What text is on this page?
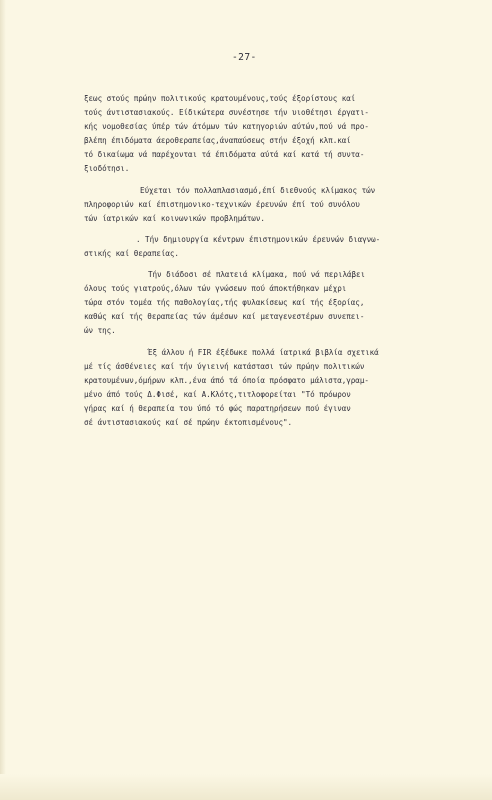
-27-
ξεως στούς πρώην πολιτικούς κρατουμένους,τούς έξορίστους καί
τούς άντιστασιακούς. Είδικώτερα συνέστησε τήν υιοθέτησι έργατι-
κής νομοθεσίας ύπέρ τών άτόμων τών κατηγοριών αύτών,πού νά προ-
βλέπη έπιδόματα άεροθεραπείας,άναπαύσεως στήν έξοχή κλπ.καί
τό δικαίωμα νά παρέχονται τά έπιδόματα αύτά καί κατά τή συντα-
ξιοδότησι.
Εύχεται τόν πολλαπλασιασμό,έπί διεθνούς κλίμακος τών
πληροφοριών καί έπιστημονικο-τεχνικών έρευνών έπί τού συνόλου
τών ίατρικών καί κοινωνικών προβλημάτων.
. Τήν δημιουργία κέντρων έπιστημονικών έρευνών διαγνω-
στικής καί θεραπείας.
Τήν διάδοσι σέ πλατειά κλίμακα, πού νά περιλάβει
όλους τούς γιατρούς,όλων τών γνώσεων πού άποκτήθηκαν μέχρι
τώρα στόν τομέα τής παθολογίας,τής φυλακίσεως καί τής έξορίας,
καθώς καί τής θεραπείας τών άμέσων καί μεταγενεστέρων συνεπει-
ών της.
Έξ άλλου ή FIR έξέδωκε πολλά ίατρικά βιβλία σχετικά
μέ τίς άσθένειες καί τήν ύγιεινή κατάστασι τών πρώην πολιτικών
κρατουμένων,όμήρων κλπ.,ένα άπό τά όποία πρόσφατο μάλιστα,γραμ-
μένο άπό τούς Δ.Φισέ, καί Α.Κλότς,τιτλοφορείται "Τό πρόωρον
γήρας καί ή θεραπεία του ύπό τό φώς παρατηρήσεων πού έγιναν
σέ άντιστασιακούς καί σέ πρώην έκτοπισμένους".
